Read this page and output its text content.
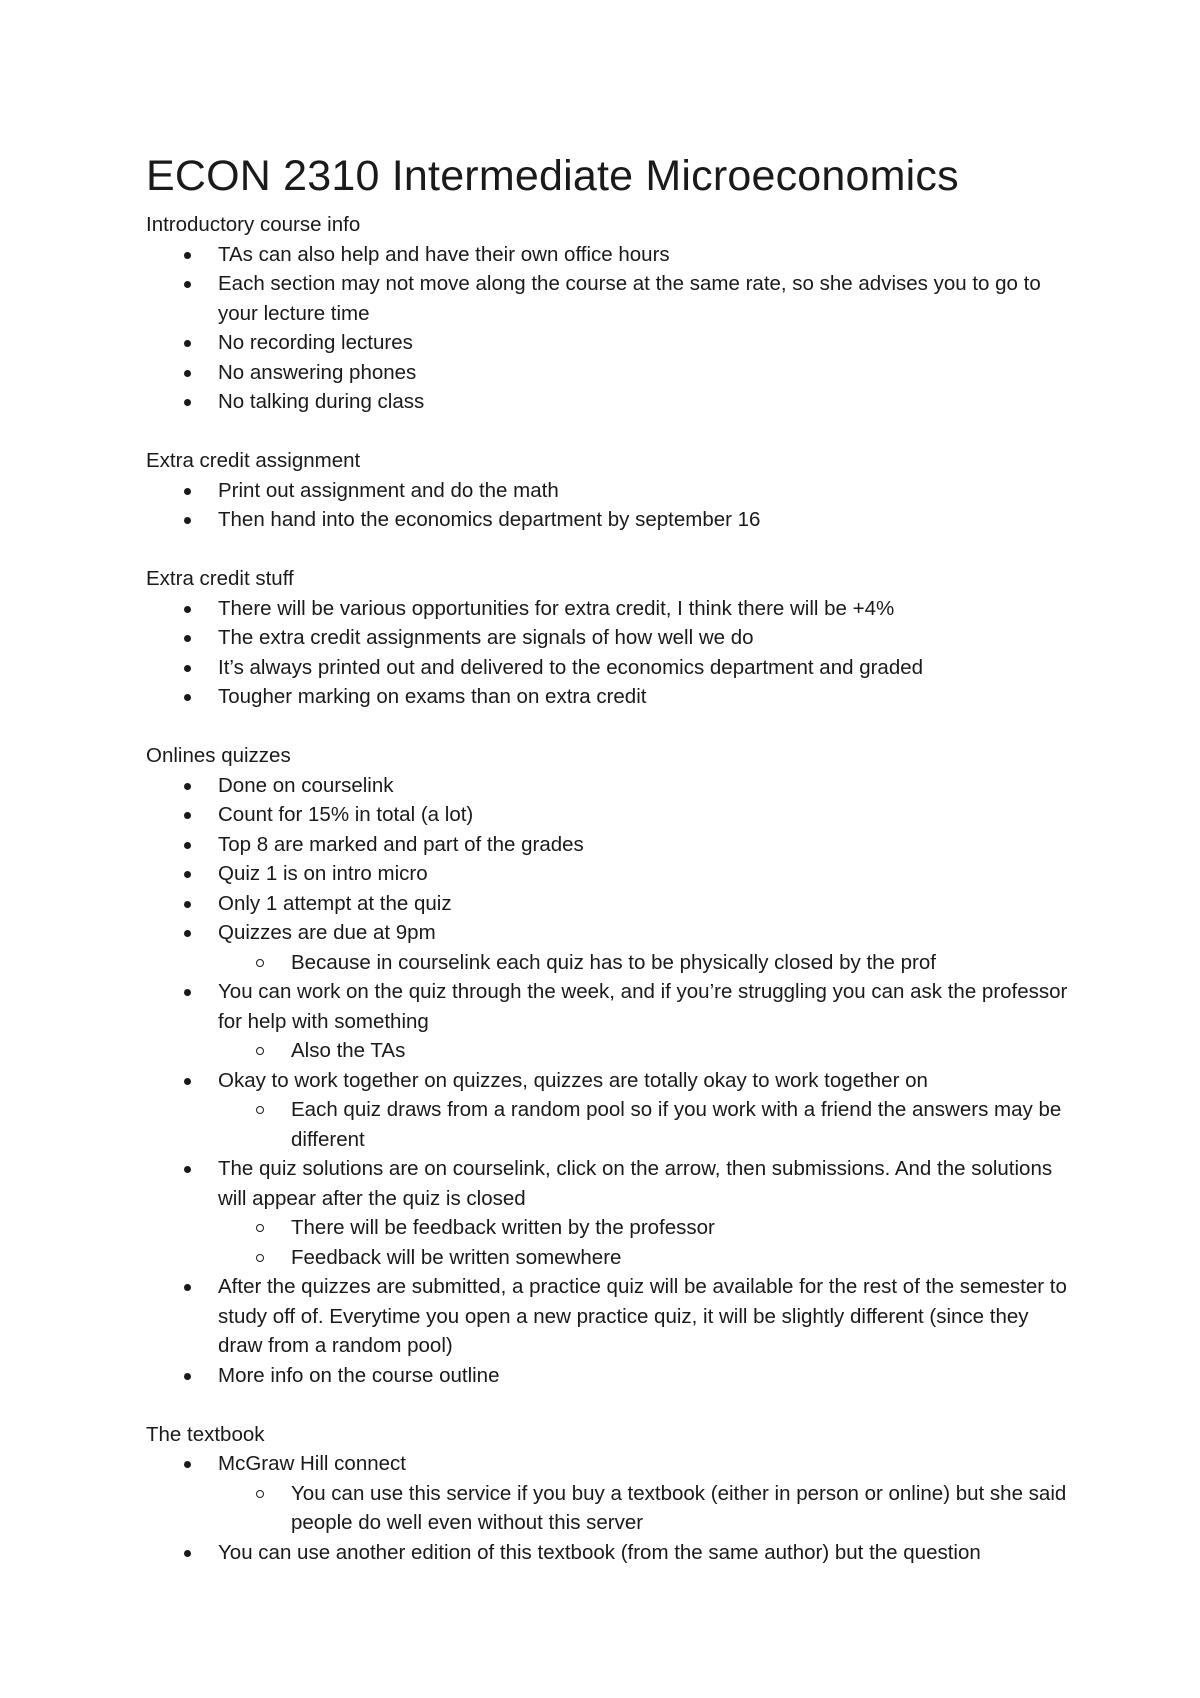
ECON 2310 Intermediate Microeconomics

Introductory course info

TAs can also help and have their own office hours
Each section may not move along the course at the same rate, so she advises you to go to your lecture time
No recording lectures
No answering phones
No talking during class

Extra credit assignment

Print out assignment and do the math
Then hand into the economics department by september 16

Extra credit stuff

There will be various opportunities for extra credit, I think there will be +4%
The extra credit assignments are signals of how well we do
It’s always printed out and delivered to the economics department and graded
Tougher marking on exams than on extra credit

Onlines quizzes

Done on courselink
Count for 15% in total (a lot)
Top 8 are marked and part of the grades
Quiz 1 is on intro micro
Only 1 attempt at the quiz
Quizzes are due at 9pm
Because in courselink each quiz has to be physically closed by the prof
You can work on the quiz through the week, and if you’re struggling you can ask the professor for help with something
Also the TAs
Okay to work together on quizzes, quizzes are totally okay to work together on
Each quiz draws from a random pool so if you work with a friend the answers may be different
The quiz solutions are on courselink, click on the arrow, then submissions. And the solutions will appear after the quiz is closed
There will be feedback written by the professor
Feedback will be written somewhere
After the quizzes are submitted, a practice quiz will be available for the rest of the semester to study off of. Everytime you open a new practice quiz, it will be slightly different (since they draw from a random pool)
More info on the course outline

The textbook

McGraw Hill connect
You can use this service if you buy a textbook (either in person or online) but she said people do well even without this server
You can use another edition of this textbook (from the same author) but the question
